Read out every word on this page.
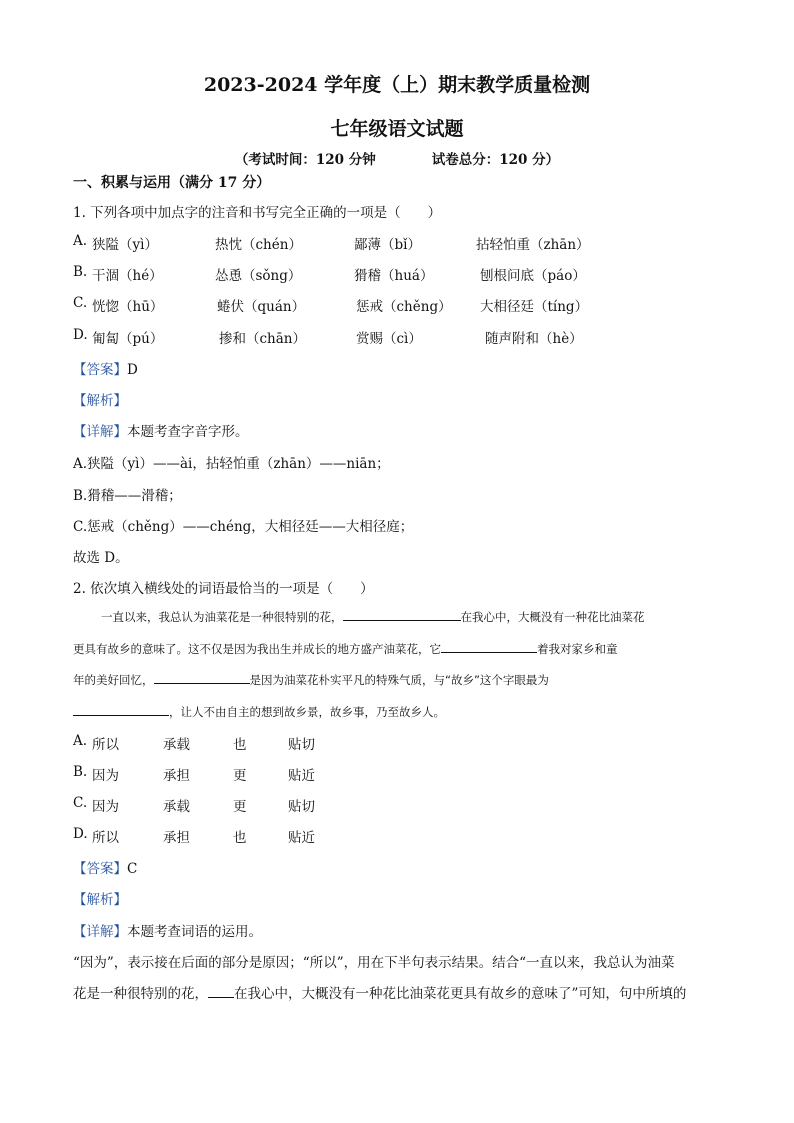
2023-2024 学年度（上）期末教学质量检测
七年级语文试题
（考试时间：120 分钟	试卷总分：120 分）
一、积累与运用（满分 17 分）
1. 下列各项中加点字的注音和书写完全正确的一项是（　　）
A. 狭隘（yì）	热忱（chén）	鄙薄（bǐ）	拈轻怕重（zhān）
B. 干涸（hé）	怂恿（sǒng）	猾稽（huá）	刨根问底（páo）
C. 恍惚（hū）	蜷伏（quán）	惩戒（chěng） 大相径廷（tíng）
D. 匍匐（pú）	掺和（chān）	赏赐（cì）	随声附和（hè）
【答案】D
【解析】
【详解】本题考查字音字形。
A.狭隘（yì）——ài，拈轻怕重（zhān）——niān；
B.猾稽——滑稽；
C.惩戒（chěng）——chéng，大相径廷——大相径庭；
故选 D。
2. 依次填入横线处的词语最恰当的一项是（　　）
一直以来，我总认为油菜花是一种很特别的花，	在我心中，大概没有一种花比油菜花
更具有故乡的意味了。这不仅是因为我出生并成长的地方盛产油菜花，它	着我对家乡和童
年的美好回忆，	是因为油菜花朴实平凡的特殊气质，与“故乡”这个字眼最为
，让人不由自主的想到故乡景，故乡事，乃至故乡人。
A. 所以	承载	也	贴切
B. 因为	承担	更	贴近
C. 因为	承载	更	贴切
D. 所以	承担	也	贴近
【答案】C
【解析】
【详解】本题考查词语的运用。
“因为”，表示接在后面的部分是原因；“所以”，用在下半句表示结果。结合“一直以来，我总认为油菜
花是一种很特别的花， 在我心中，大概没有一种花比油菜花更具有故乡的意味了”可知，句中所填的
